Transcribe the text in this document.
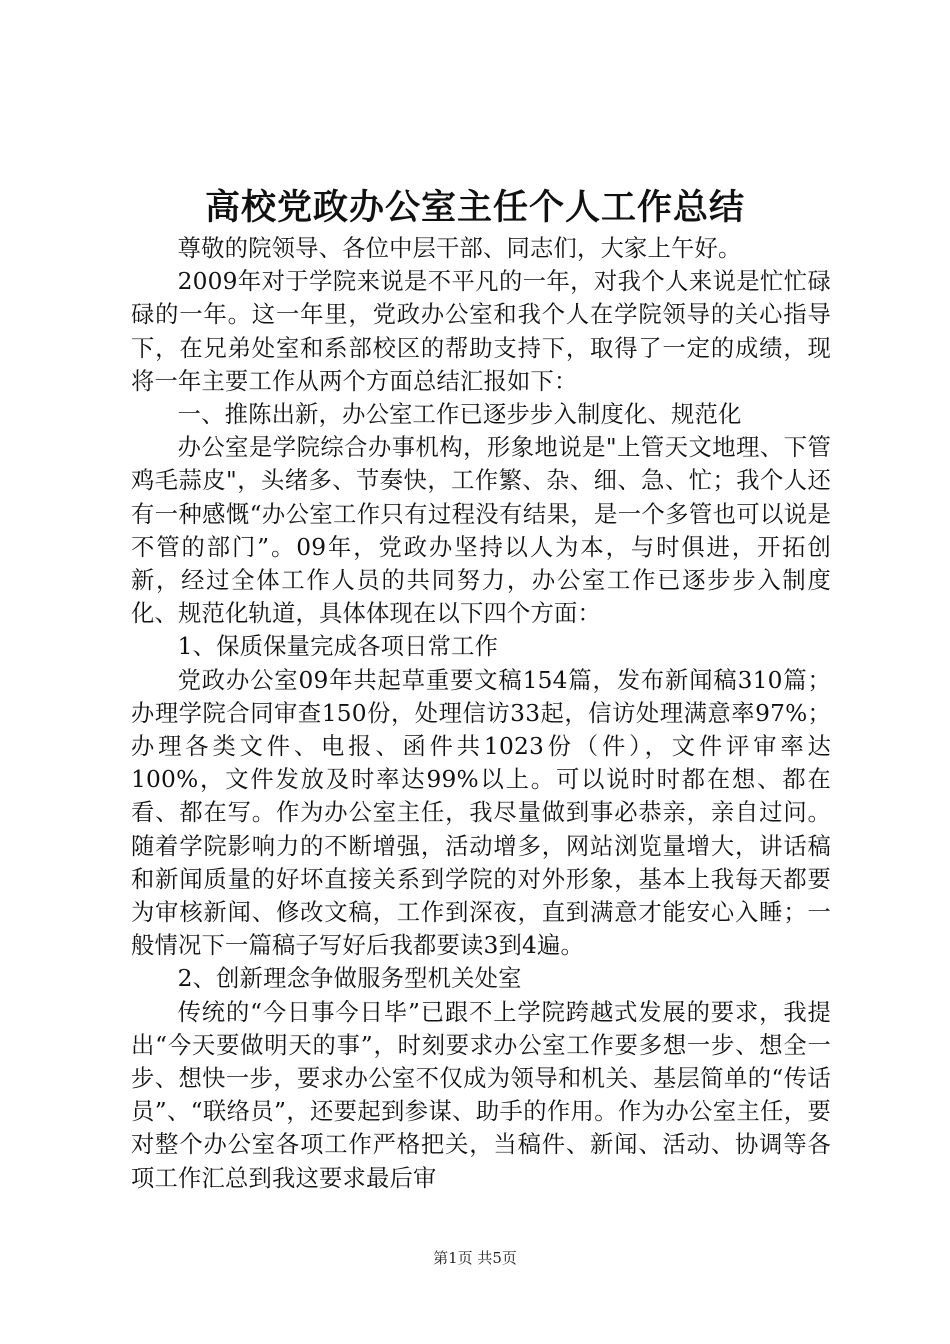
高校党政办公室主任个人工作总结

尊敬的院领导、各位中层干部、同志们，大家上午好。

2009年对于学院来说是不平凡的一年，对我个人来说是忙忙碌碌的一年。这一年里，党政办公室和我个人在学院领导的关心指导下，在兄弟处室和系部校区的帮助支持下，取得了一定的成绩，现将一年主要工作从两个方面总结汇报如下：

一、推陈出新，办公室工作已逐步步入制度化、规范化

办公室是学院综合办事机构，形象地说是"上管天文地理、下管鸡毛蒜皮"，头绪多、节奏快，工作繁、杂、细、急、忙；我个人还有一种感慨“办公室工作只有过程没有结果，是一个多管也可以说是不管的部门”。09年，党政办坚持以人为本，与时俱进，开拓创新，经过全体工作人员的共同努力，办公室工作已逐步步入制度化、规范化轨道，具体体现在以下四个方面：

1、保质保量完成各项日常工作

党政办公室09年共起草重要文稿154篇，发布新闻稿310篇；办理学院合同审查150份，处理信访33起，信访处理满意率97%；办理各类文件、电报、函件共1023份（件），文件评审率达100%，文件发放及时率达99%以上。可以说时时都在想、都在看、都在写。作为办公室主任，我尽量做到事必恭亲，亲自过问。随着学院影响力的不断增强，活动增多，网站浏览量增大，讲话稿和新闻质量的好坏直接关系到学院的对外形象，基本上我每天都要为审核新闻、修改文稿，工作到深夜，直到满意才能安心入睡；一般情况下一篇稿子写好后我都要读3到4遍。

2、创新理念争做服务型机关处室

传统的“今日事今日毕”已跟不上学院跨越式发展的要求，我提出“今天要做明天的事”，时刻要求办公室工作要多想一步、想全一步、想快一步，要求办公室不仅成为领导和机关、基层简单的“传话员”、“联络员”，还要起到参谋、助手的作用。作为办公室主任，要对整个办公室各项工作严格把关，当稿件、新闻、活动、协调等各项工作汇总到我这要求最后审

第1页 共5页
